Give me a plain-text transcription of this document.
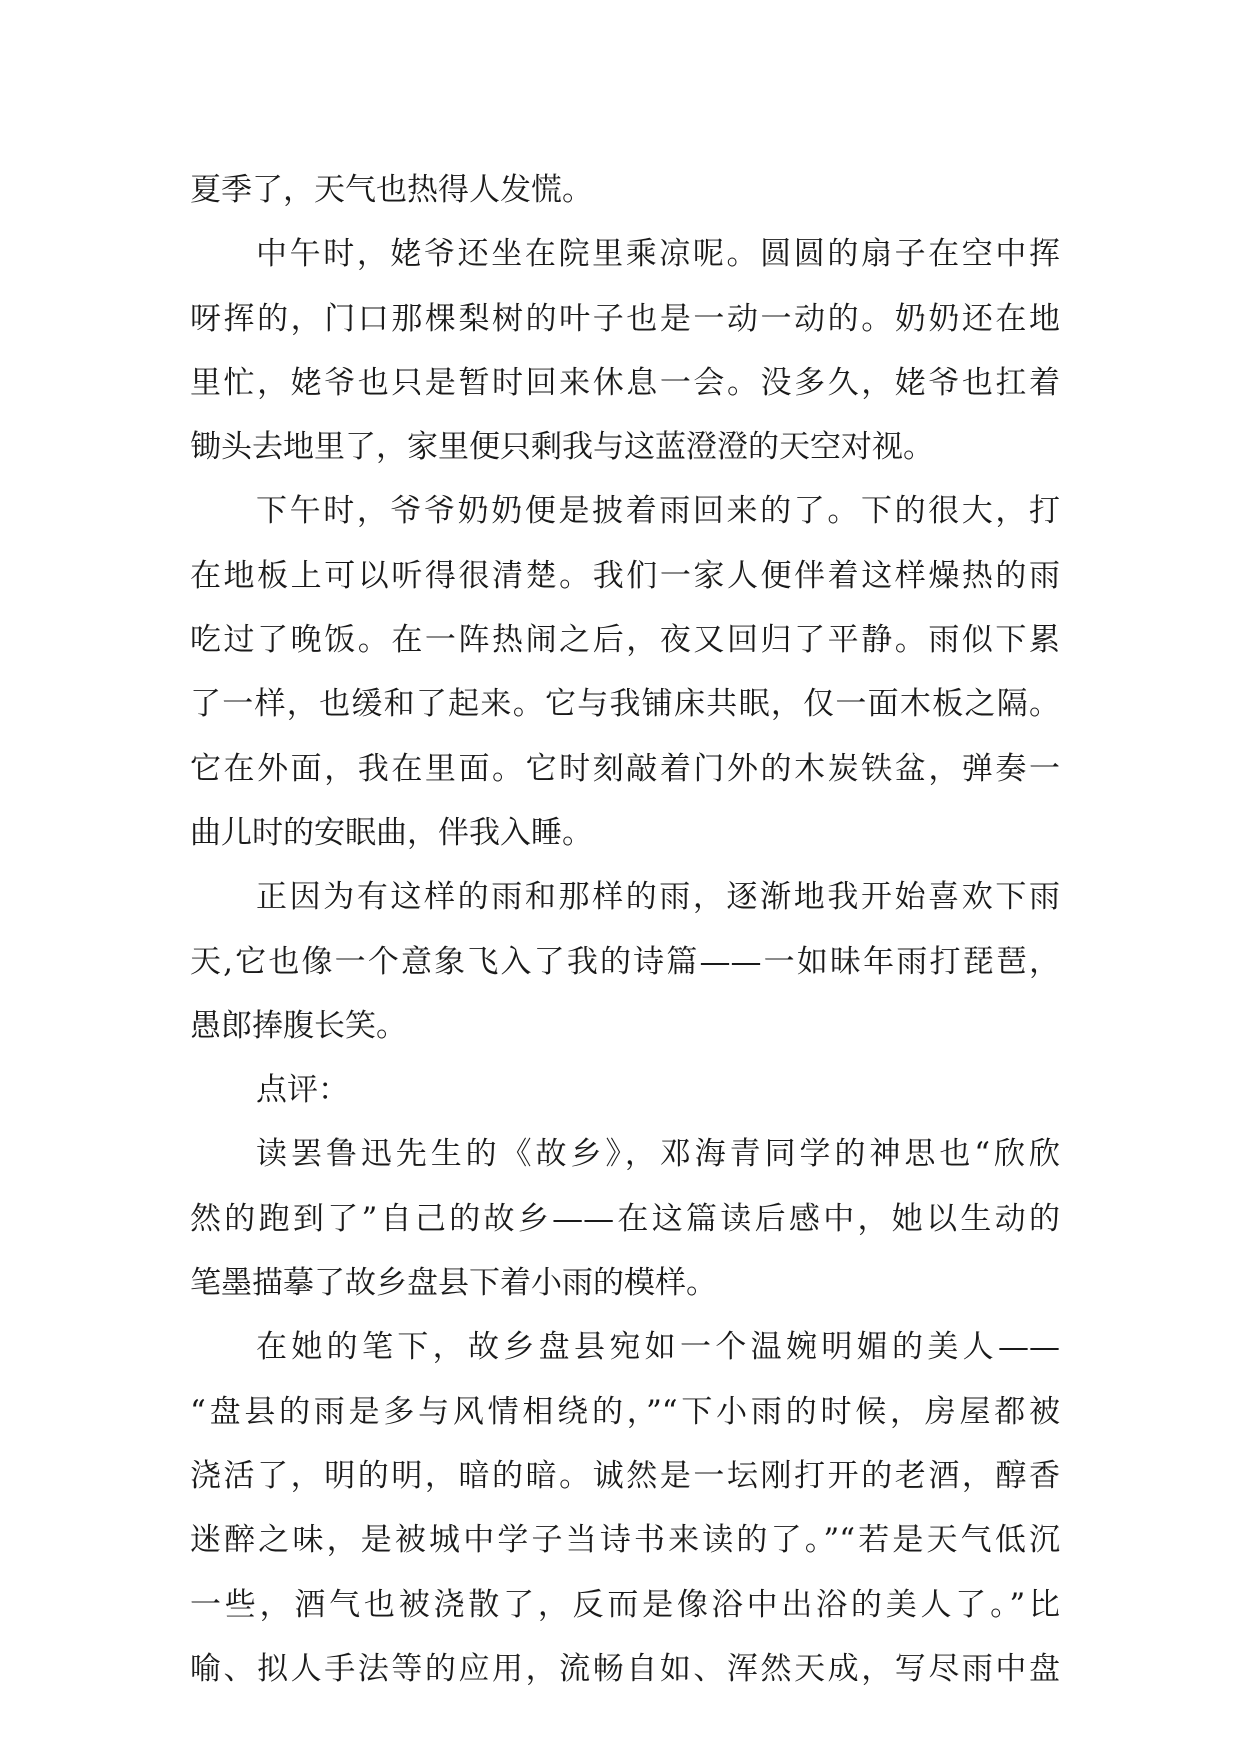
夏季了，天气也热得人发慌。
中午时，姥爷还坐在院里乘凉呢。圆圆的扇子在空中挥
呀挥的，门口那棵梨树的叶子也是一动一动的。奶奶还在地
里忙，姥爷也只是暂时回来休息一会。没多久，姥爷也扛着
锄头去地里了，家里便只剩我与这蓝澄澄的天空对视。
下午时，爷爷奶奶便是披着雨回来的了。下的很大，打
在地板上可以听得很清楚。我们一家人便伴着这样燥热的雨
吃过了晚饭。在一阵热闹之后，夜又回归了平静。雨似下累
了一样，也缓和了起来。它与我铺床共眠，仅一面木板之隔。
它在外面，我在里面。它时刻敲着门外的木炭铁盆，弹奏一
曲儿时的安眠曲，伴我入睡。
正因为有这样的雨和那样的雨，逐渐地我开始喜欢下雨
天,它也像一个意象飞入了我的诗篇——一如昧年雨打琵琶，
愚郎捧腹长笑。
点评：
读罢鲁迅先生的《故乡》，邓海青同学的神思也“欣欣
然的跑到了”自己的故乡——在这篇读后感中，她以生动的
笔墨描摹了故乡盘县下着小雨的模样。
在她的笔下，故乡盘县宛如一个温婉明媚的美人——
“盘县的雨是多与风情相绕的，”“下小雨的时候，房屋都被
浇活了，明的明，暗的暗。诚然是一坛刚打开的老酒，醇香
迷醉之味，是被城中学子当诗书来读的了。”“若是天气低沉
一些，酒气也被浇散了，反而是像浴中出浴的美人了。”比
喻、拟人手法等的应用，流畅自如、浑然天成，写尽雨中盘
